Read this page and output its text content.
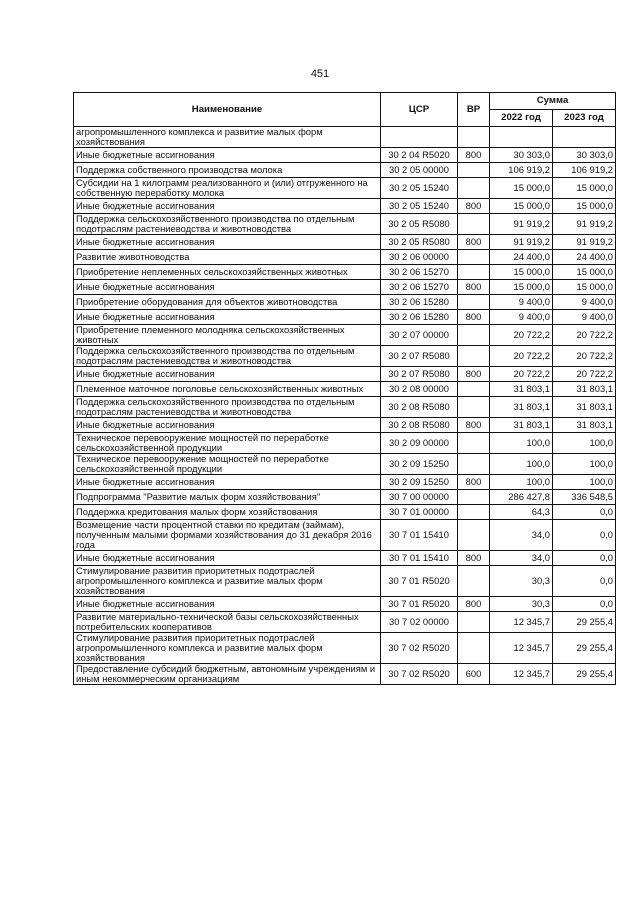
451
Наименование	ЦСР	ВР	Сумма	
			2022 год	2023 год
агропромышленного комплекса и развитие малых форм хозяйствования				
Иные бюджетные ассигнования	30 2 04 R5020	800	30 303,0	30 303,0
Поддержка собственного производства молока	30 2 05 00000		106 919,2	106 919,2
Субсидии на 1 килограмм реализованного и (или) отгруженного на собственную переработку молока	30 2 05 15240		15 000,0	15 000,0
Иные бюджетные ассигнования	30 2 05 15240	800	15 000,0	15 000,0
Поддержка сельскохозяйственного производства по отдельным подотраслям растениеводства и животноводства	30 2 05 R5080		91 919,2	91 919,2
Иные бюджетные ассигнования	30 2 05 R5080	800	91 919,2	91 919,2
Развитие животноводства	30 2 06 00000		24 400,0	24 400,0
Приобретение неплеменных сельскохозяйственных животных	30 2 06 15270		15 000,0	15 000,0
Иные бюджетные ассигнования	30 2 06 15270	800	15 000,0	15 000,0
Приобретение оборудования для объектов животноводства	30 2 06 15280		9 400,0	9 400,0
Иные бюджетные ассигнования	30 2 06 15280	800	9 400,0	9 400,0
Приобретение племенного молодняка сельскохозяйственных животных	30 2 07 00000		20 722,2	20 722,2
Поддержка сельскохозяйственного производства по отдельным подотраслям растениеводства и животноводства	30 2 07 R5080		20 722,2	20 722,2
Иные бюджетные ассигнования	30 2 07 R5080	800	20 722,2	20 722,2
Племенное маточное поголовье сельскохозяйственных животных	30 2 08 00000		31 803,1	31 803,1
Поддержка сельскохозяйственного производства по отдельным подотраслям растениеводства и животноводства	30 2 08 R5080		31 803,1	31 803,1
Иные бюджетные ассигнования	30 2 08 R5080	800	31 803,1	31 803,1
Техническое перевооружение мощностей по переработке сельскохозяйственной продукции	30 2 09 00000		100,0	100,0
Техническое перевооружение мощностей по переработке сельскохозяйственной продукции	30 2 09 15250		100,0	100,0
Иные бюджетные ассигнования	30 2 09 15250	800	100,0	100,0
Подпрограмма "Развитие малых форм хозяйствования"	30 7 00 00000		286 427,8	336 548,5
Поддержка кредитования малых форм хозяйствования	30 7 01 00000		64,3	0,0
Возмещение части процентной ставки по кредитам (займам), полученным малыми формами хозяйствования до 31 декабря 2016 года	30 7 01 15410		34,0	0,0
Иные бюджетные ассигнования	30 7 01 15410	800	34,0	0,0
Стимулирование развития приоритетных подотраслей агропромышленного комплекса и развитие малых форм хозяйствования	30 7 01 R5020		30,3	0,0
Иные бюджетные ассигнования	30 7 01 R5020	800	30,3	0,0
Развитие материально-технической базы сельскохозяйственных потребительских кооперативов	30 7 02 00000		12 345,7	29 255,4
Стимулирование развития приоритетных подотраслей агропромышленного комплекса и развитие малых форм хозяйствования	30 7 02 R5020		12 345,7	29 255,4
Предоставление субсидий бюджетным, автономным учреждениям и иным некоммерческим организациям	30 7 02 R5020	600	12 345,7	29 255,4
